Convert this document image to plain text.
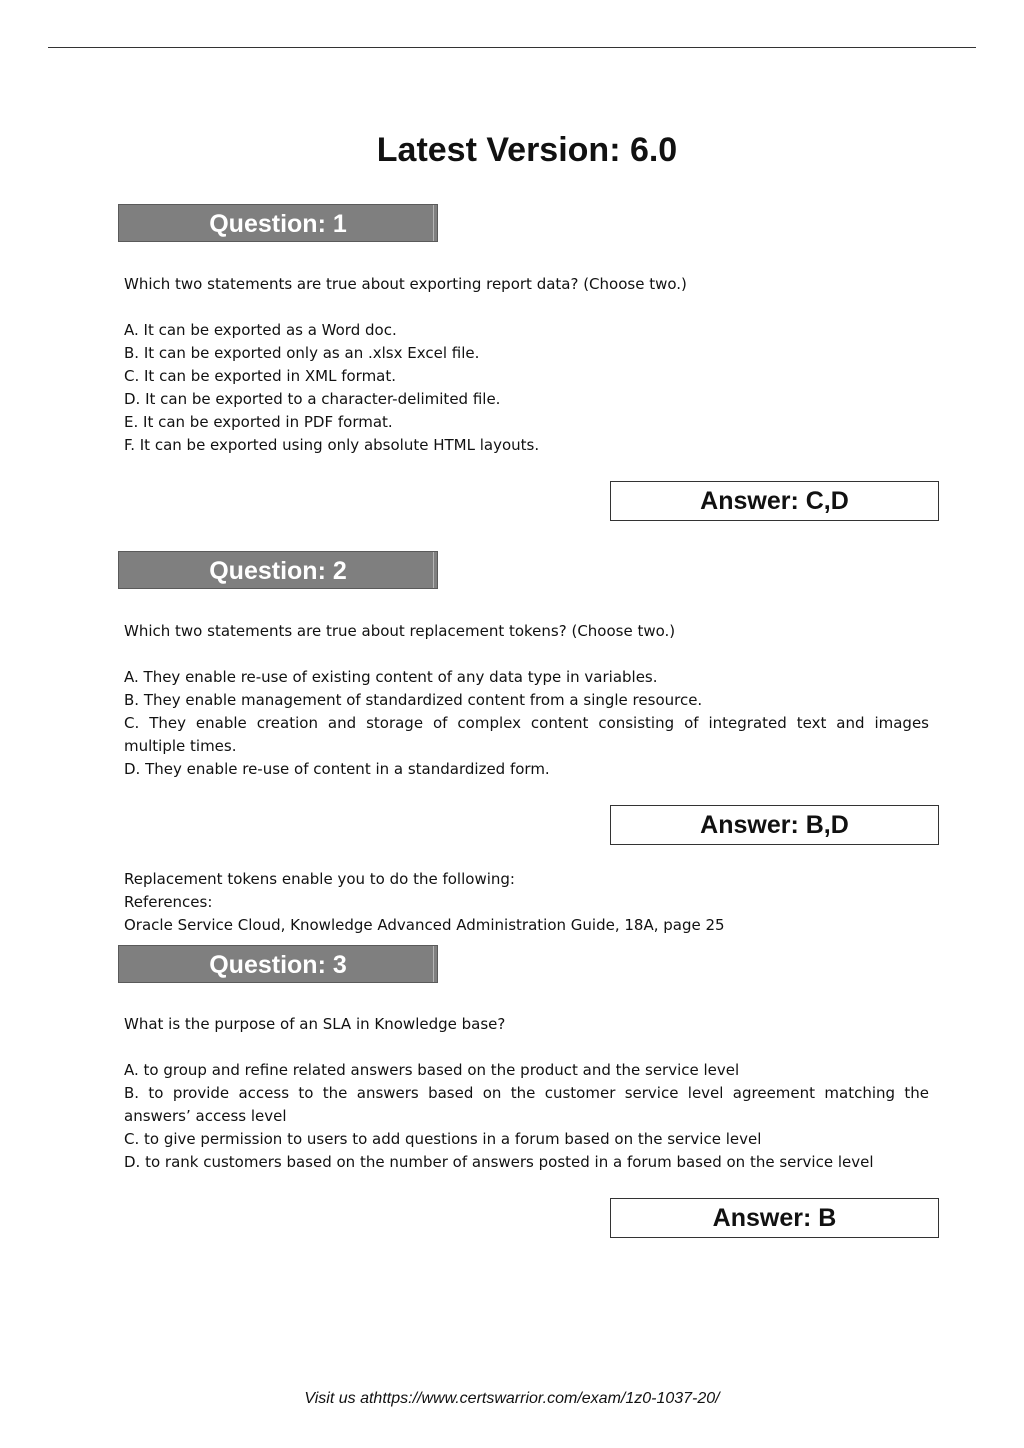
Latest Version: 6.0
Question: 1
Which two statements are true about exporting report data? (Choose two.)
A. It can be exported as a Word doc.
B. It can be exported only as an .xlsx Excel file.
C. It can be exported in XML format.
D. It can be exported to a character-delimited file.
E. It can be exported in PDF format.
F. It can be exported using only absolute HTML layouts.
Answer: C,D
Question: 2
Which two statements are true about replacement tokens? (Choose two.)
A. They enable re-use of existing content of any data type in variables.
B. They enable management of standardized content from a single resource.
C. They enable creation and storage of complex content consisting of integrated text and images
multiple times.
D. They enable re-use of content in a standardized form.
Answer: B,D
Replacement tokens enable you to do the following:
References:
Oracle Service Cloud, Knowledge Advanced Administration Guide, 18A, page 25
Question: 3
What is the purpose of an SLA in Knowledge base?
A. to group and refine related answers based on the product and the service level
B. to provide access to the answers based on the customer service level agreement matching the
answers’ access level
C. to give permission to users to add questions in a forum based on the service level
D. to rank customers based on the number of answers posted in a forum based on the service level
Answer: B
Visit us athttps://www.certswarrior.com/exam/1z0-1037-20/
